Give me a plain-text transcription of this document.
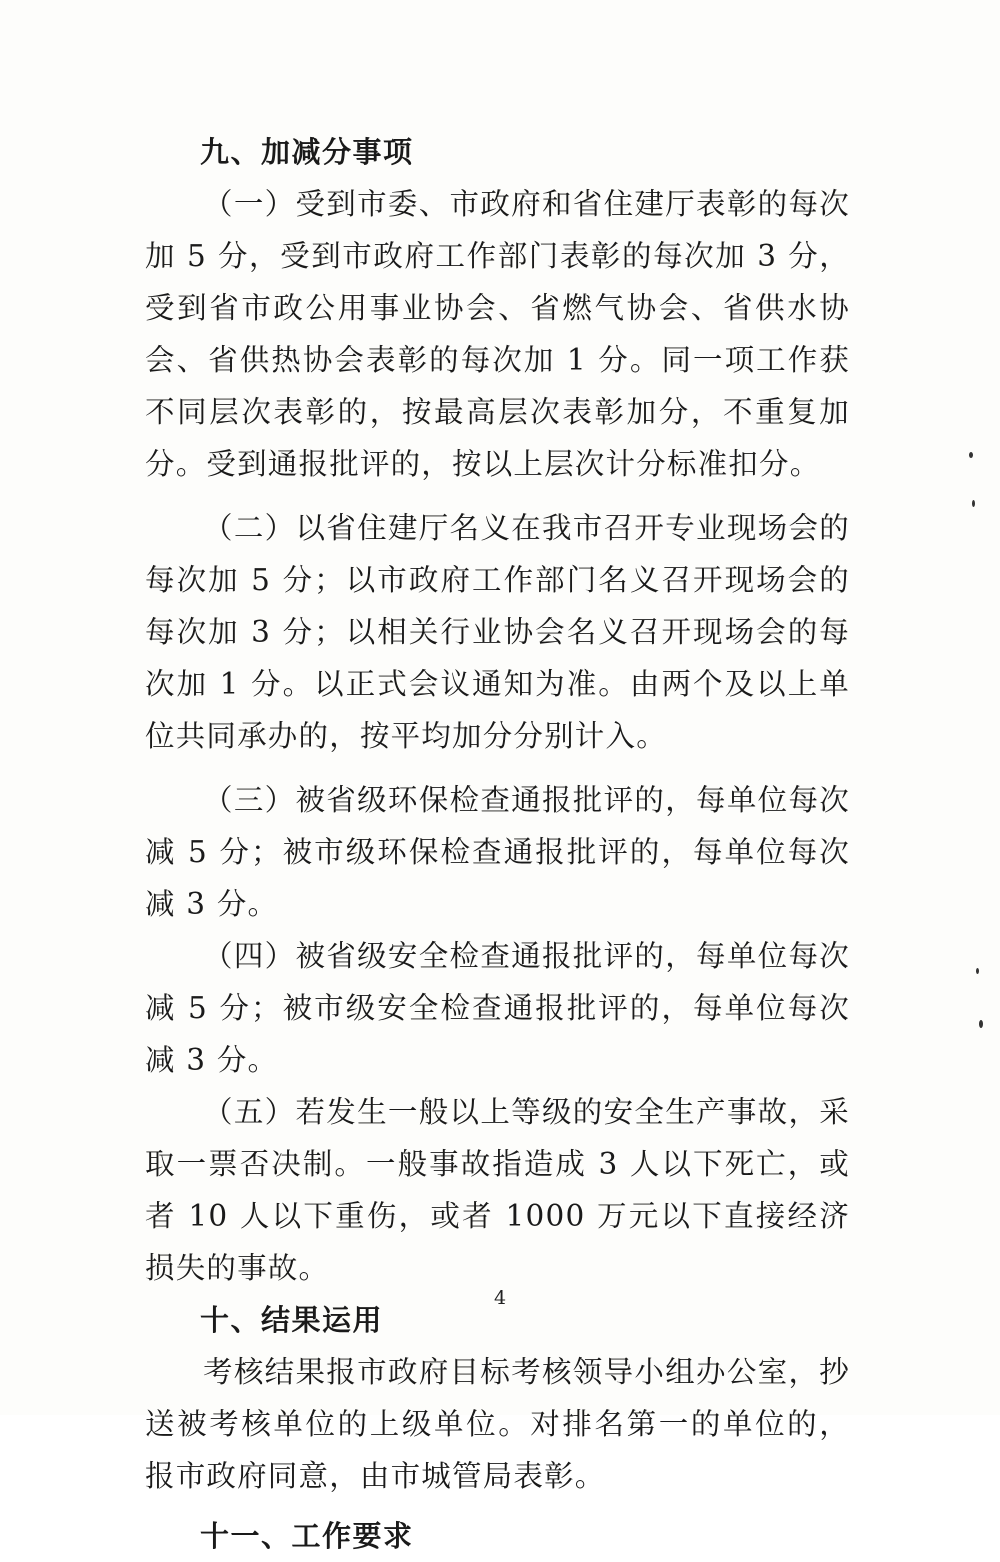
九、加减分事项

（一）受到市委、市政府和省住建厅表彰的每次加 5 分，受到市政府工作部门表彰的每次加 3 分，受到省市政公用事业协会、省燃气协会、省供水协会、省供热协会表彰的每次加 1 分。同一项工作获不同层次表彰的，按最高层次表彰加分，不重复加分。受到通报批评的，按以上层次计分标准扣分。

（二）以省住建厅名义在我市召开专业现场会的每次加 5 分；以市政府工作部门名义召开现场会的每次加 3 分；以相关行业协会名义召开现场会的每次加 1 分。以正式会议通知为准。由两个及以上单位共同承办的，按平均加分分别计入。

（三）被省级环保检查通报批评的，每单位每次减 5 分；被市级环保检查通报批评的，每单位每次减 3 分。

（四）被省级安全检查通报批评的，每单位每次减 5 分；被市级安全检查通报批评的，每单位每次减 3 分。

（五）若发生一般以上等级的安全生产事故，采取一票否决制。一般事故指造成 3 人以下死亡，或者 10 人以下重伤，或者 1000 万元以下直接经济损失的事故。

十、结果运用

考核结果报市政府目标考核领导小组办公室，抄送被考核单位的上级单位。对排名第一的单位的，报市政府同意，由市城管局表彰。

十一、工作要求
4
